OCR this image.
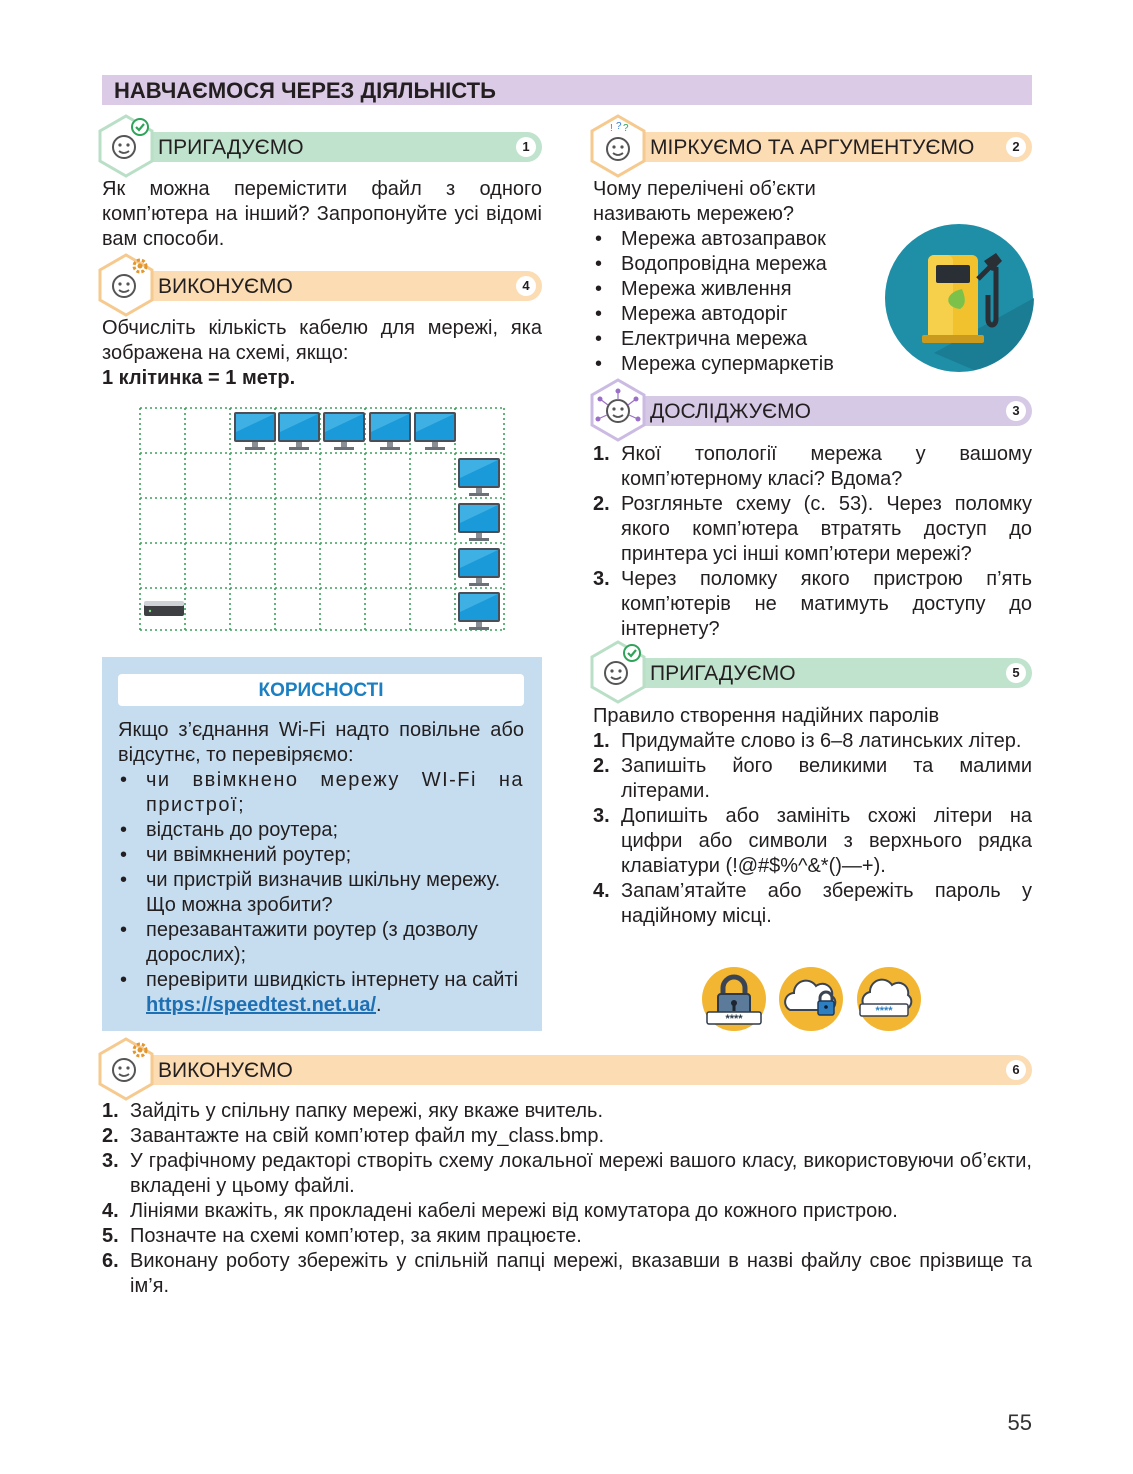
НАВЧАЄМОСЯ ЧЕРЕЗ ДІЯЛЬНІСТЬ
ПРИГАДУЄМО	1
Як можна перемістити файл з одного комп’ютера на інший? Запропонуйте усі відомі вам способи.
ВИКОНУЄМО	4
Обчисліть кількість кабелю для мережі, яка зображена на схемі, якщо:
1 клітинка = 1 метр.
КОРИСНОСТІ
Якщо з’єднання Wi-Fi надто повільне або відсутнє, то перевіряємо:
• чи ввімкнено мережу WI-Fi на пристрої;
• відстань до роутера;
• чи ввімкнений роутер;
• чи пристрій визначив шкільну мережу. Що можна зробити?
• перезавантажити роутер (з дозволу дорослих);
• перевірити швидкість інтернету на сайті https://speedtest.net.ua/.
! ? ?
МІРКУЄМО ТА АРГУМЕНТУЄМО	2
Чому перелічені об’єкти називають мережею?
• Мережа автозаправок
• Водопровідна мережа
• Мережа живлення
• Мережа автодоріг
• Електрична мережа
• Мережа супермаркетів
ДОСЛІДЖУЄМО	3
1. Якої топології мережа у вашому комп’ютерному класі? Вдома?
2. Розгляньте схему (с. 53). Через поломку якого комп’ютера втратять доступ до принтера усі інші комп’ютери мережі?
3. Через поломку якого пристрою п’ять комп’ютерів не матимуть доступу до інтернету?
ПРИГАДУЄМО	5
Правило створення надійних паролів
1. Придумайте слово із 6–8 латинських літер.
2. Запишіть його великими та малими літерами.
3. Допишіть або замініть схожі літери на цифри або символи з верхнього рядка клавіатури (!@#$%^&*()—+).
4. Запам’ятайте або збережіть пароль у надійному місці.
****
****
ВИКОНУЄМО	6
1. Зайдіть у спільну папку мережі, яку вкаже вчитель.
2. Завантажте на свій комп’ютер файл my_class.bmp.
3. У графічному редакторі створіть схему локальної мережі вашого класу, використовуючи об’єкти, вкладені у цьому файлі.
4. Лініями вкажіть, як прокладені кабелі мережі від комутатора до кожного пристрою.
5. Позначте на схемі комп’ютер, за яким працюєте.
6. Виконану роботу збережіть у спільній папці мережі, вказавши в назві файлу своє прізвище та ім’я.
55
